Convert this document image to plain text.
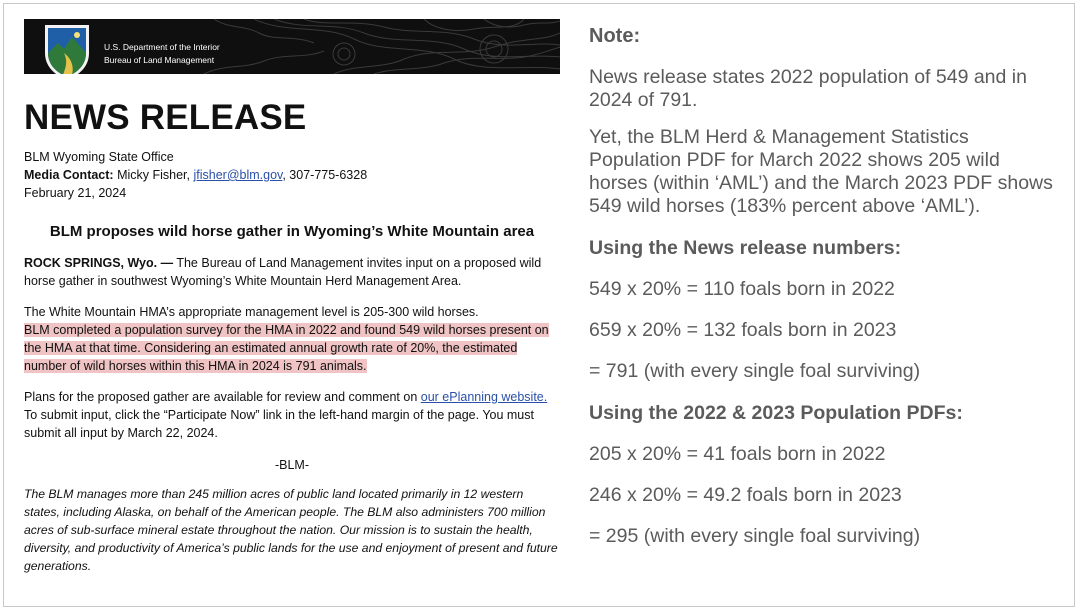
U.S. Department of the Interior
Bureau of Land Management
NEWS RELEASE
BLM Wyoming State Office
Media Contact: Micky Fisher, jfisher@blm.gov, 307-775-6328
February 21, 2024
BLM proposes wild horse gather in Wyoming’s White Mountain area
ROCK SPRINGS, Wyo. — The Bureau of Land Management invites input on a proposed wild horse gather in southwest Wyoming’s White Mountain Herd Management Area.
The White Mountain HMA’s appropriate management level is 205-300 wild horses.
BLM completed a population survey for the HMA in 2022 and found 549 wild horses present on the HMA at that time. Considering an estimated annual growth rate of 20%, the estimated number of wild horses within this HMA in 2024 is 791 animals.
Plans for the proposed gather are available for review and comment on our ePlanning website. To submit input, click the “Participate Now” link in the left-hand margin of the page. You must submit all input by March 22, 2024.
-BLM-
The BLM manages more than 245 million acres of public land located primarily in 12 western states, including Alaska, on behalf of the American people. The BLM also administers 700 million acres of sub-surface mineral estate throughout the nation. Our mission is to sustain the health, diversity, and productivity of America’s public lands for the use and enjoyment of present and future generations.
Note:
News release states 2022 population of 549 and in 2024 of 791.
Yet, the BLM Herd & Management Statistics Population PDF for March 2022 shows 205 wild horses (within ‘AML’) and the March 2023 PDF shows 549 wild horses (183% percent above ‘AML’).
Using the News release numbers:
549 x 20% = 110 foals born in 2022
659 x 20% = 132 foals born in 2023
= 791 (with every single foal surviving)
Using the 2022 & 2023 Population PDFs:
205 x 20% = 41 foals born in 2022
246 x 20% = 49.2 foals born in 2023
= 295 (with every single foal surviving)
